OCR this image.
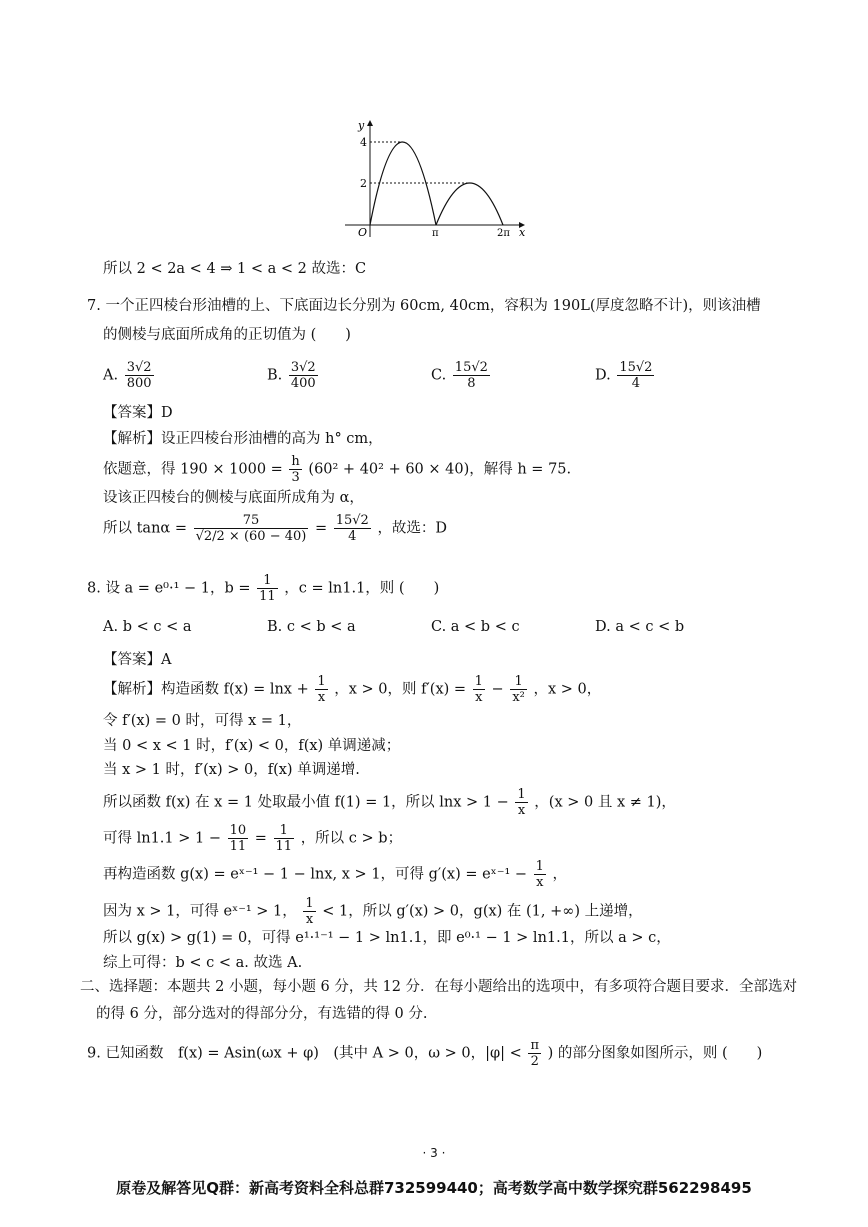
y
4
2
O	π	2π x
所以 2 < 2a < 4 ⇒ 1 < a < 2 故选：C
7. 一个正四棱台形油槽的上、下底面边长分别为 60cm, 40cm，容积为 190L(厚度忽略不计)，则该油槽
的侧棱与底面所成角的正切值为 (　　)
A. $\frac{3√2}{800}$	B. $\frac{3√2}{400}$	C. $\frac{15√2}{8}$	D. $\frac{15√2}{4}$
【答案】D
【解析】设正四棱台形油槽的高为 h° cm，
依题意，得 $190 \times 1000 = \frac{h}{3} (60^2 + 40^2 + 60 \times 40)$，解得 h = 75.
设该正四棱台的侧棱与底面所成角为 α，
所以 $\tan\alpha = \frac{75}{√2/2 \times (60 - 40)} = \frac{15√2}{4}$ ，故选：D
8. 设 a = e⁰·¹ − 1，$b = \frac{1}{11}$ ，c = ln1.1，则 (　　)
A. b < c < a	B. c < b < a	C. a < b < c	D. a < c < b
【答案】A
【解析】构造函数 $f(x) = \ln x + \frac{1}{x}$ ，x > 0，则 $f'(x) = \frac{1}{x} - \frac{1}{\text{x²}}$ ，x > 0，
令 f′(x) = 0 时，可得 x = 1，
当 0 < x < 1 时，f′(x) < 0，f(x) 单调递减；
当 x > 1 时，f′(x) > 0，f(x) 单调递增.
所以函数 f(x) 在 x = 1 处取最小值 f(1) = 1，所以 $\ln x > 1 - \frac{1}{x}$ ，(x > 0 且 x ≠ 1)，
可得 $\ln 1.1 > 1 - \frac{10}{11} = \frac{1}{11}$ ，所以 c > b；
再构造函数 g(x) = eˣ⁻¹ − 1 − lnx, x > 1，可得 g′(x) = eˣ⁻¹ − $\frac{1}{x}$ ，
因为 x > 1，可得 eˣ⁻¹ > 1， $\frac{1}{x} < 1$，所以 g′(x) > 0，g(x) 在 (1, +∞) 上递增，
所以 g(x) > g(1) = 0，可得 e¹·¹⁻¹ − 1 > ln1.1，即 e⁰·¹ − 1 > ln1.1，所以 a > c，
综上可得：b < c < a. 故选 A.
二、选择题：本题共 2 小题，每小题 6 分，共 12 分．在每小题给出的选项中，有多项符合题目要求．全部选对
的得 6 分，部分选对的得部分分，有选错的得 0 分.
9. 已知函数　f(x) = Asin(ωx + φ)　(其中 A > 0，ω > 0，$|\varphi| < \frac{\pi}{2}$ ) 的部分图象如图所示，则 (　　)
· 3 ·
原卷及解答见Q群：新高考资料全科总群732599440；高考数学高中数学探究群562298495
